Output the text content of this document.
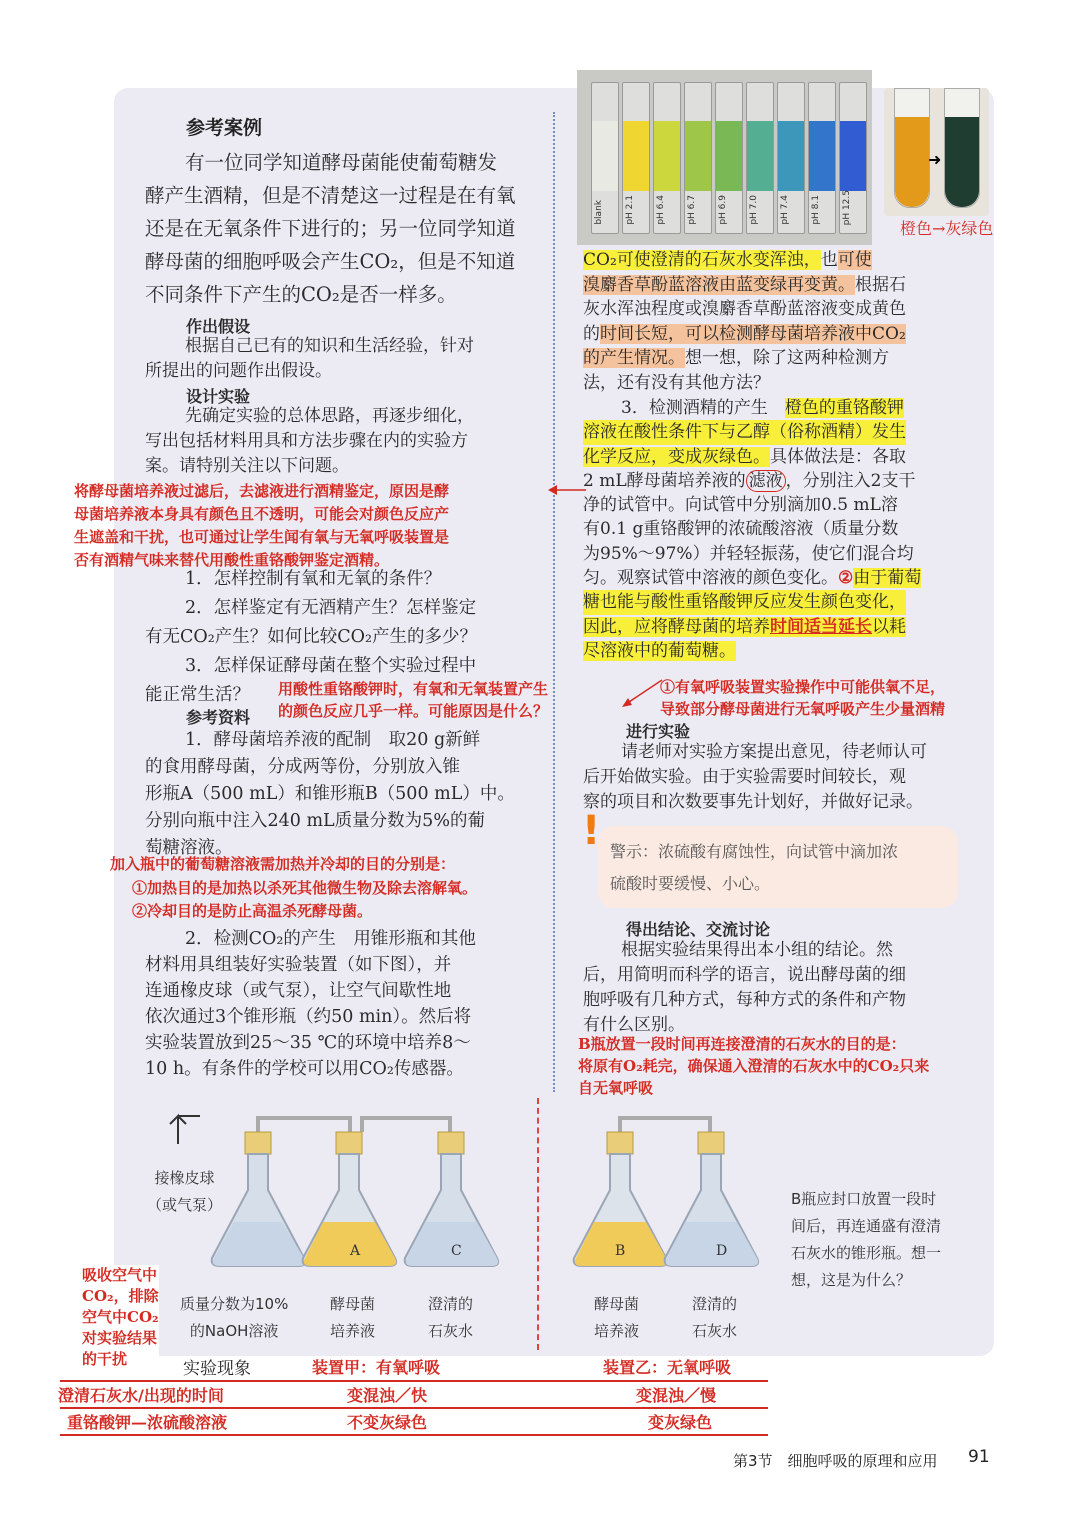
参考案例
有一位同学知道酵母菌能使葡萄糖发
酵产生酒精，但是不清楚这一过程是在有氧
还是在无氧条件下进行的；另一位同学知道
酵母菌的细胞呼吸会产生CO₂，但是不知道
不同条件下产生的CO₂是否一样多。
作出假设
根据自己已有的知识和生活经验，针对
所提出的问题作出假设。
设计实验
先确定实验的总体思路，再逐步细化，
写出包括材料用具和方法步骤在内的实验方
案。请特别关注以下问题。
将酵母菌培养液过滤后，去滤液进行酒精鉴定，原因是酵
母菌培养液本身具有颜色且不透明，可能会对颜色反应产
生遮盖和干扰，也可通过让学生闻有氧与无氧呼吸装置是
否有酒精气味来替代用酸性重铬酸钾鉴定酒精。
1．怎样控制有氧和无氧的条件？
2．怎样鉴定有无酒精产生？怎样鉴定
有无CO₂产生？如何比较CO₂产生的多少？
3．怎样保证酵母菌在整个实验过程中
能正常生活？	用酸性重铬酸钾时，有氧和无氧装置产生
的颜色反应几乎一样。可能原因是什么？
参考资料
1．酵母菌培养液的配制　取20 g新鲜
的食用酵母菌，分成两等份，分别放入锥
形瓶A（500 mL）和锥形瓶B（500 mL）中。
分别向瓶中注入240 mL质量分数为5%的葡
萄糖溶液。
加入瓶中的葡萄糖溶液需加热并冷却的目的分别是：
①加热目的是加热以杀死其他微生物及除去溶解氧。
②冷却目的是防止高温杀死酵母菌。
2．检测CO₂的产生　用锥形瓶和其他
材料用具组装好实验装置（如下图），并
连通橡皮球（或气泵），让空气间歇性地
依次通过3个锥形瓶（约50 min）。然后将
实验装置放到25～35 ℃的环境中培养8～
10 h。有条件的学校可以用CO₂传感器。
blank	pH 2.1	pH 6.4	pH 6.7	pH 6.9	pH 7.0	pH 7.4	pH 8.1	pH 12.5
➜
橙色→灰绿色
CO₂可使澄清的石灰水变浑浊，也可使
溴麝香草酚蓝溶液由蓝变绿再变黄。根据石
灰水浑浊程度或溴麝香草酚蓝溶液变成黄色
的时间长短，可以检测酵母菌培养液中CO₂
的产生情况。想一想，除了这两种检测方
法，还有没有其他方法？
3．检测酒精的产生　橙色的重铬酸钾
溶液在酸性条件下与乙醇（俗称酒精）发生
化学反应，变成灰绿色。具体做法是：各取
2 mL酵母菌培养液的 滤液 ，分别注入2支干
净的试管中。向试管中分别滴加0.5 mL溶
有0.1 g重铬酸钾的浓硫酸溶液（质量分数
为95%～97%）并轻轻振荡，使它们混合均
匀。观察试管中溶液的颜色变化。②由于葡萄
糖也能与酸性重铬酸钾反应发生颜色变化，
因此，应将酵母菌的培养时间适当延长以耗
尽溶液中的葡萄糖。
①有氧呼吸装置实验操作中可能供氧不足，
导致部分酵母菌进行无氧呼吸产生少量酒精
进行实验
请老师对实验方案提出意见，待老师认可
后开始做实验。由于实验需要时间较长，观
察的项目和次数要事先计划好，并做好记录。
! 警示：浓硫酸有腐蚀性，向试管中滴加浓
硫酸时要缓慢、小心。
得出结论、交流讨论
根据实验结果得出本小组的结论。然
后，用简明而科学的语言，说出酵母菌的细
胞呼吸有几种方式，每种方式的条件和产物
有什么区别。
B瓶放置一段时间再连接澄清的石灰水的目的是：
将原有O₂耗完，确保通入澄清的石灰水中的CO₂只来
自无氧呼吸
接橡皮球
（或气泵）
A	C	B	D
质量分数为10%
的NaOH溶液
酵母菌
培养液
澄清的
石灰水
酵母菌
培养液
澄清的
石灰水
B瓶应封口放置一段时
间后，再连通盛有澄清
石灰水的锥形瓶。想一
想，这是为什么？
吸收空气中
CO₂，排除
空气中CO₂
对实验结果
的干扰	实验现象	装置甲：有氧呼吸	装置乙：无氧呼吸
澄清石灰水/出现的时间	变混浊／快	变混浊／慢
重铬酸钾—浓硫酸溶液	不变灰绿色	变灰绿色
第3节　细胞呼吸的原理和应用 91
